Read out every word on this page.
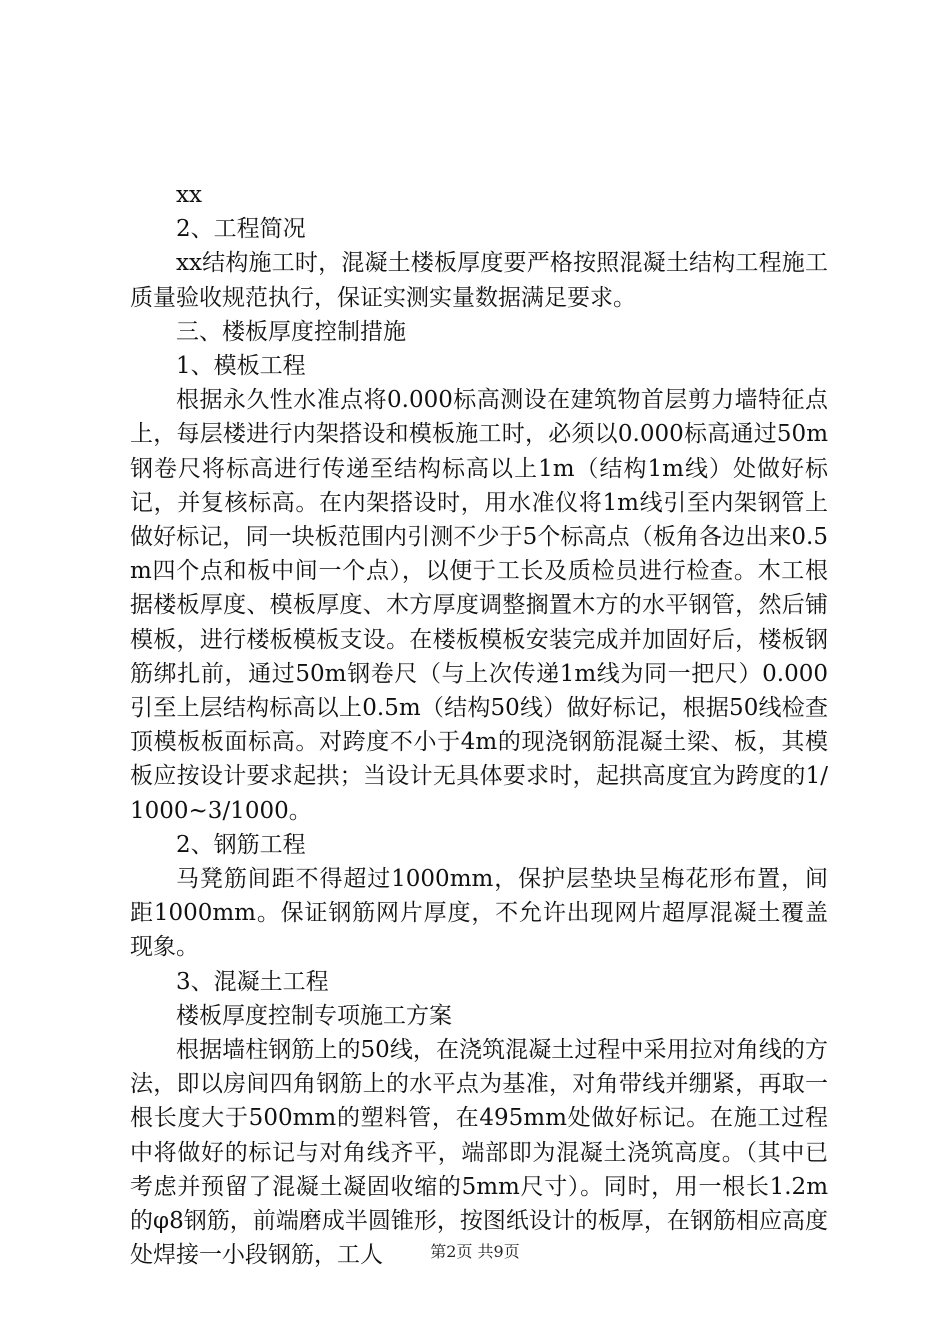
xx

2、工程简况

xx结构施工时，混凝土楼板厚度要严格按照混凝土结构工程施工质量验收规范执行，保证实测实量数据满足要求。

三、楼板厚度控制措施

1、模板工程

根据永久性水准点将0.000标高测设在建筑物首层剪力墙特征点上，每层楼进行内架搭设和模板施工时，必须以0.000标高通过50m钢卷尺将标高进行传递至结构标高以上1m（结构1m线）处做好标记，并复核标高。在内架搭设时，用水准仪将1m线引至内架钢管上做好标记，同一块板范围内引测不少于5个标高点（板角各边出来0.5m四个点和板中间一个点），以便于工长及质检员进行检查。木工根据楼板厚度、模板厚度、木方厚度调整搁置木方的水平钢管，然后铺模板，进行楼板模板支设。在楼板模板安装完成并加固好后，楼板钢筋绑扎前，通过50m钢卷尺（与上次传递1m线为同一把尺）0.000引至上层结构标高以上0.5m（结构50线）做好标记，根据50线检查顶模板板面标高。对跨度不小于4m的现浇钢筋混凝土梁、板，其模板应按设计要求起拱；当设计无具体要求时，起拱高度宜为跨度的1/1000~3/1000。

2、钢筋工程

马凳筋间距不得超过1000mm，保护层垫块呈梅花形布置，间距1000mm。保证钢筋网片厚度，不允许出现网片超厚混凝土覆盖现象。

3、混凝土工程

楼板厚度控制专项施工方案

根据墙柱钢筋上的50线，在浇筑混凝土过程中采用拉对角线的方法，即以房间四角钢筋上的水平点为基准，对角带线并绷紧，再取一根长度大于500mm的塑料管，在495mm处做好标记。在施工过程中将做好的标记与对角线齐平，端部即为混凝土浇筑高度。（其中已考虑并预留了混凝土凝固收缩的5mm尺寸）。同时，用一根长1.2m的φ8钢筋，前端磨成半圆锥形，按图纸设计的板厚，在钢筋相应高度处焊接一小段钢筋，工人	第2页 共9页
